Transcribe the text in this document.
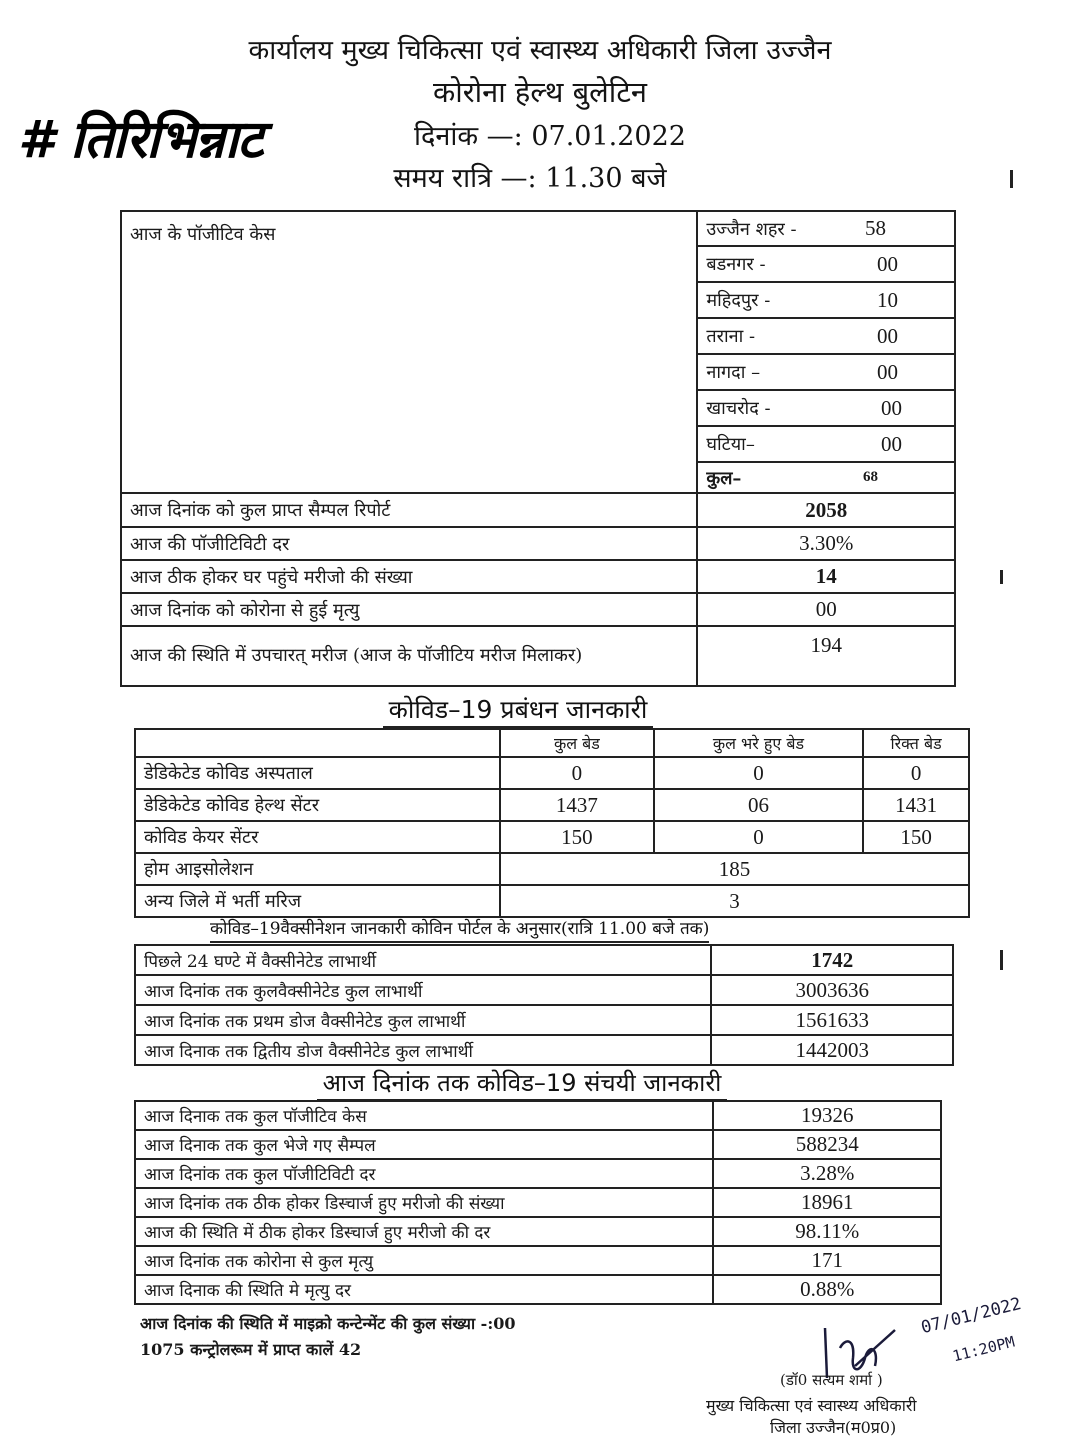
कार्यालय मुख्य चिकित्सा एवं स्वास्थ्य अधिकारी जिला उज्जैन
कोरोना हेल्थ बुलेटिन
दिनांक —: 07.01.2022
समय रात्रि —: 11.30 बजे
# तिरिभिन्नाट
आज के पॉजीटिव केस	उज्जैन शहर - 58

	बडनगर - 00

	महिदपुर - 10

	तराना - 00

	नागदा – 00

	खाचरोद - 00

	घटिया– 00

	कुल– 68

आज दिनांक को कुल प्राप्त सैम्पल रिपोर्ट	2058
आज की पॉजीटिविटी दर	3.30%
आज ठीक होकर घर पहुंचे मरीजो की संख्या	14
आज दिनांक को कोरोना से हुई मृत्यु	00
आज की स्थिति में उपचारत् मरीज (आज के पॉजीटिय मरीज मिलाकर)	194
कोविड–19 प्रबंधन जानकारी
	कुल बेड	कुल भरे हुए बेड	रिक्त बेड
डेडिकेटेड कोविड अस्पताल	0	0	0
डेडिकेटेड कोविड हेल्थ सेंटर	1437	06	1431
कोविड केयर सेंटर	150	0	150
होम आइसोलेशन	185		
अन्य जिले में भर्ती मरिज	3		
कोविड–19वैक्सीनेशन जानकारी कोविन पोर्टल के अनुसार(रात्रि 11.00 बजे तक)
पिछले 24 घण्टे में वैक्सीनेटेड लाभार्थी	1742
आज दिनांक तक कुलवैक्सीनेटेड कुल लाभार्थी	3003636
आज दिनांक तक प्रथम डोज वैक्सीनेटेड कुल लाभार्थी	1561633
आज दिनाक तक द्वितीय डोज वैक्सीनेटेड कुल लाभार्थी	1442003
आज दिनांक तक कोविड–19 संचयी जानकारी
आज दिनाक तक कुल पॉजीटिव केस	19326
आज दिनाक तक कुल भेजे गए सैम्पल	588234
आज दिनांक तक कुल पॉजीटिविटी दर	3.28%
आज दिनांक तक ठीक होकर डिस्चार्ज हुए मरीजो की संख्या	18961
आज की स्थिति में ठीक होकर डिस्चार्ज हुए मरीजो की दर	98.11%
आज दिनांक तक कोरोना से कुल मृत्यु	171
आज दिनाक की स्थिति मे मृत्यु दर	0.88%
आज दिनांक की स्थिति में माइक्रो कन्टेन्मेंट की कुल संख्या -:00
1075 कन्ट्रोलरूम में प्राप्त कालें 42
07/01/2022
11:20PM
(डॉ0 सत्यम शर्मा )
मुख्य चिकित्सा एवं स्वास्थ्य अधिकारी
जिला उज्जैन(म0प्र0)
